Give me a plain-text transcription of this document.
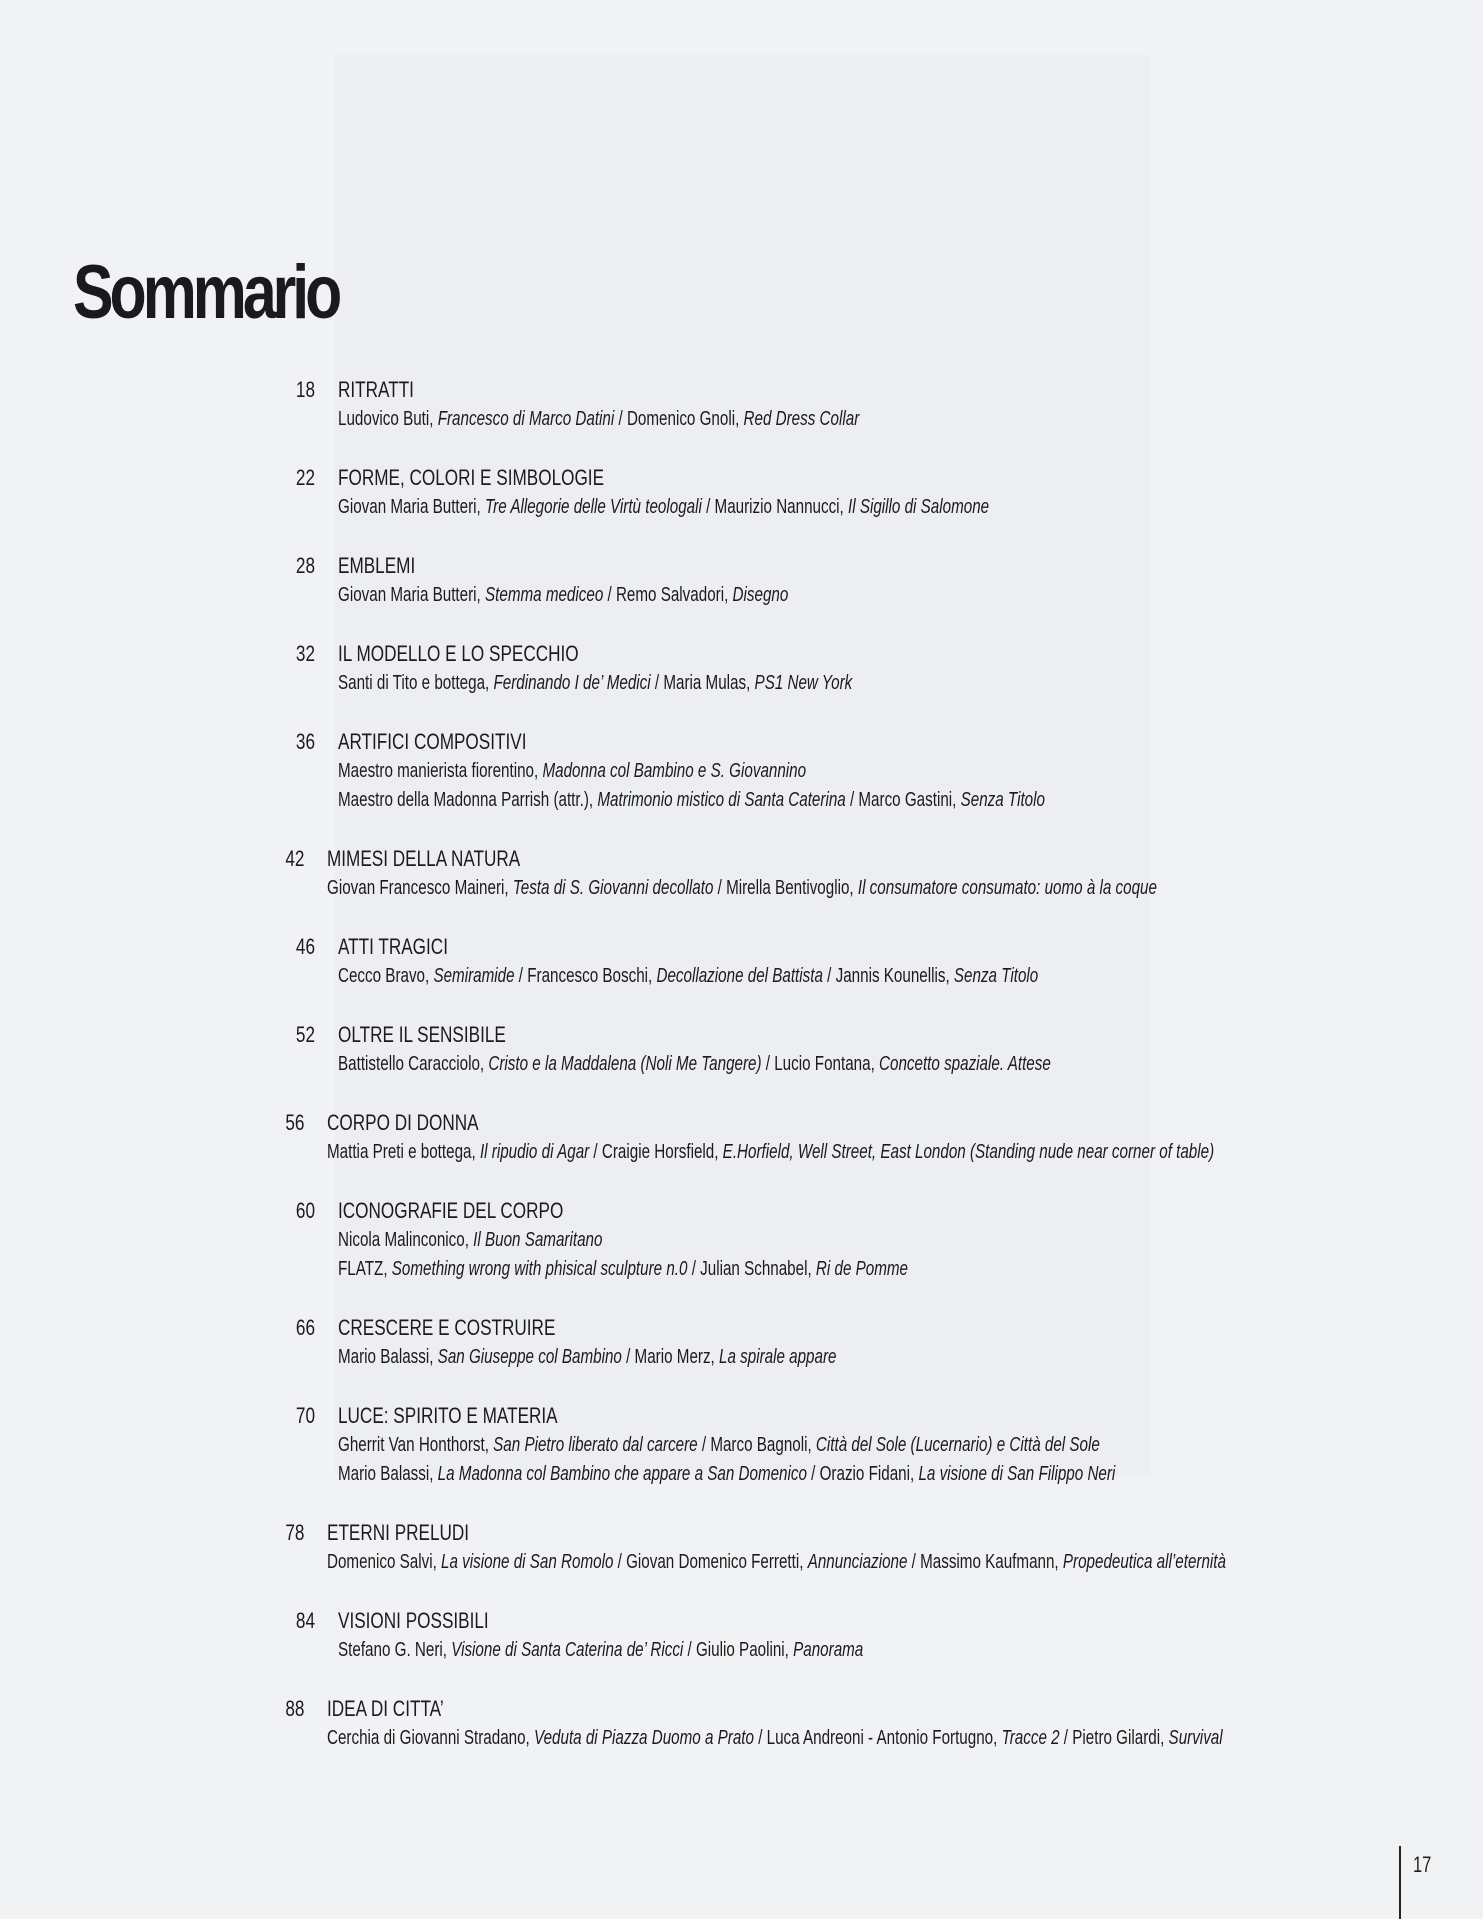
Sommario
18 RITRATTI
Ludovico Buti, Francesco di Marco Datini / Domenico Gnoli, Red Dress Collar
22 FORME, COLORI E SIMBOLOGIE
Giovan Maria Butteri, Tre Allegorie delle Virtù teologali / Maurizio Nannucci, Il Sigillo di Salomone
28 EMBLEMI
Giovan Maria Butteri, Stemma mediceo / Remo Salvadori, Disegno
32 IL MODELLO E LO SPECCHIO
Santi di Tito e bottega, Ferdinando I de’ Medici / Maria Mulas, PS1 New York
36 ARTIFICI COMPOSITIVI
Maestro manierista fiorentino, Madonna col Bambino e S. Giovannino
Maestro della Madonna Parrish (attr.), Matrimonio mistico di Santa Caterina / Marco Gastini, Senza Titolo
42 MIMESI DELLA NATURA
Giovan Francesco Maineri, Testa di S. Giovanni decollato / Mirella Bentivoglio, Il consumatore consumato: uomo à la coque
46 ATTI TRAGICI
Cecco Bravo, Semiramide / Francesco Boschi, Decollazione del Battista / Jannis Kounellis, Senza Titolo
52 OLTRE IL SENSIBILE
Battistello Caracciolo, Cristo e la Maddalena (Noli Me Tangere) / Lucio Fontana, Concetto spaziale. Attese
56 CORPO DI DONNA
Mattia Preti e bottega, Il ripudio di Agar / Craigie Horsfield, E.Horfield, Well Street, East London (Standing nude near corner of table)
60 ICONOGRAFIE DEL CORPO
Nicola Malinconico, Il Buon Samaritano
FLATZ, Something wrong with phisical sculpture n.0 / Julian Schnabel, Ri de Pomme
66 CRESCERE E COSTRUIRE
Mario Balassi, San Giuseppe col Bambino / Mario Merz, La spirale appare
70 LUCE: SPIRITO E MATERIA
Gherrit Van Honthorst, San Pietro liberato dal carcere / Marco Bagnoli, Città del Sole (Lucernario) e Città del Sole
Mario Balassi, La Madonna col Bambino che appare a San Domenico / Orazio Fidani, La visione di San Filippo Neri
78 ETERNI PRELUDI
Domenico Salvi, La visione di San Romolo / Giovan Domenico Ferretti, Annunciazione / Massimo Kaufmann, Propedeutica all’eternità
84 VISIONI POSSIBILI
Stefano G. Neri, Visione di Santa Caterina de’ Ricci / Giulio Paolini, Panorama
88 IDEA DI CITTA’
Cerchia di Giovanni Stradano, Veduta di Piazza Duomo a Prato / Luca Andreoni - Antonio Fortugno, Tracce 2 / Pietro Gilardi, Survival
17
